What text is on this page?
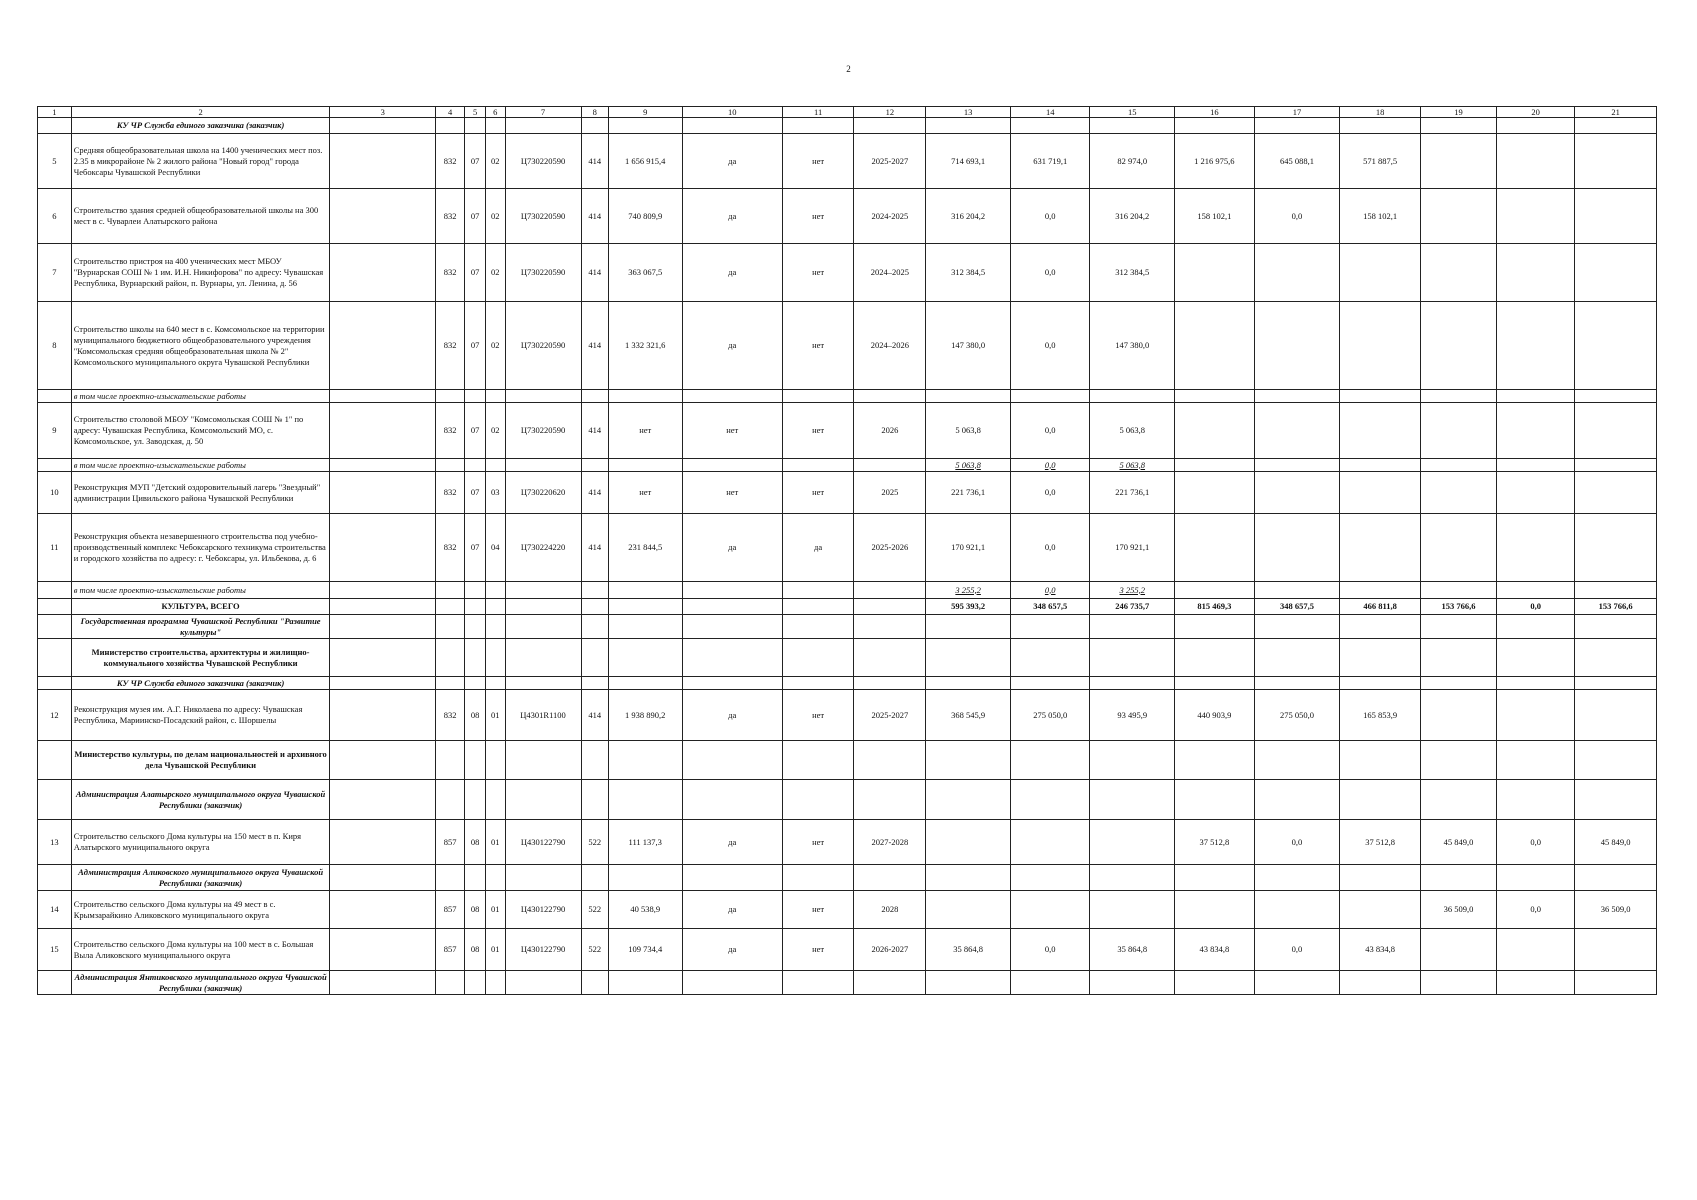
2
1	2	3	4	5	6	7	8	9	10	11	12	13	14	15	16	17	18	19	20	21
	КУ ЧР Служба единого заказчика (заказчик)																			
5	Средняя общеобразовательная школа на 1400 ученических мест поз. 2.35 в микрорайоне № 2 жилого района "Новый город" города Чебоксары Чувашской Республики		832	07	02	Ц730220590	414	1 656 915,4	да	нет	2025-2027	714 693,1	631 719,1	82 974,0	1 216 975,6	645 088,1	571 887,5			
6	Строительство здания средней общеобразовательной школы на 300 мест в с. Чуварлеи Алатырского района		832	07	02	Ц730220590	414	740 809,9	да	нет	2024-2025	316 204,2	0,0	316 204,2	158 102,1	0,0	158 102,1			
7	Строительство пристроя на 400 ученических мест МБОУ "Вурнарская СОШ № 1 им. И.Н. Никифорова" по адресу: Чувашская Республика, Вурнарский район, п. Вурнары, ул. Ленина, д. 56		832	07	02	Ц730220590	414	363 067,5	да	нет	2024–2025	312 384,5	0,0	312 384,5						
8	Строительство школы на 640 мест в с. Комсомольское на территории муниципального бюджетного общеобразовательного учреждения "Комсомольская средняя общеобразовательная школа № 2" Комсомольского муниципального округа Чувашской Республики		832	07	02	Ц730220590	414	1 332 321,6	да	нет	2024–2026	147 380,0	0,0	147 380,0						
	в том числе проектно-изыскательские работы																			
9	Строительство столовой МБОУ "Комсомольская СОШ № 1" по адресу: Чувашская Республика, Комсомольский МО, с. Комсомольское, ул. Заводская, д. 50		832	07	02	Ц730220590	414	нет	нет	нет	2026	5 063,8	0,0	5 063,8						
	в том числе проектно-изыскательские работы											5 063,8	0,0	5 063,8						
10	Реконструкция МУП "Детский оздоровительный лагерь "Звездный" администрации Цивильского района Чувашской Республики		832	07	03	Ц730220620	414	нет	нет	нет	2025	221 736,1	0,0	221 736,1						
11	Реконструкция объекта незавершенного строительства под учебно-производственный комплекс Чебоксарского техникума строительства и городского хозяйства по адресу: г. Чебоксары, ул. Ильбекова, д. 6		832	07	04	Ц730224220	414	231 844,5	да	да	2025-2026	170 921,1	0,0	170 921,1						
	в том числе проектно-изыскательские работы											3 255,2	0,0	3 255,2						
	КУЛЬТУРА, ВСЕГО											595 393,2	348 657,5	246 735,7	815 469,3	348 657,5	466 811,8	153 766,6	0,0	153 766,6
	Государственная программа Чувашской Республики "Развитие культуры"																			
	Министерство строительства, архитектуры и жилищно-коммунального хозяйства Чувашской Республики																			
	КУ ЧР Служба единого заказчика (заказчик)																			
12	Реконструкция музея им. А.Г. Николаева по адресу: Чувашская Республика, Мариинско-Посадский район, с. Шоршелы		832	08	01	Ц4301R1100	414	1 938 890,2	да	нет	2025-2027	368 545,9	275 050,0	93 495,9	440 903,9	275 050,0	165 853,9			
	Министерство культуры, по делам национальностей и архивного дела Чувашской Республики																			
	Администрация Алатырского муниципального округа Чувашской Республики (заказчик)																			
13	Строительство сельского Дома культуры на 150 мест в п. Киря Алатырского муниципального округа		857	08	01	Ц430122790	522	111 137,3	да	нет	2027-2028				37 512,8	0,0	37 512,8	45 849,0	0,0	45 849,0
	Администрация Аликовского муниципального округа Чувашской Республики (заказчик)																			
14	Строительство сельского Дома культуры на 49 мест в с. Крымзарайкино Аликовского муниципального округа		857	08	01	Ц430122790	522	40 538,9	да	нет	2028							36 509,0	0,0	36 509,0
15	Строительство сельского Дома культуры на 100 мест в с. Большая Выла Аликовского муниципального округа		857	08	01	Ц430122790	522	109 734,4	да	нет	2026-2027	35 864,8	0,0	35 864,8	43 834,8	0,0	43 834,8			
	Администрация Янтиковского муниципального округа Чувашской Республики (заказчик)																			
